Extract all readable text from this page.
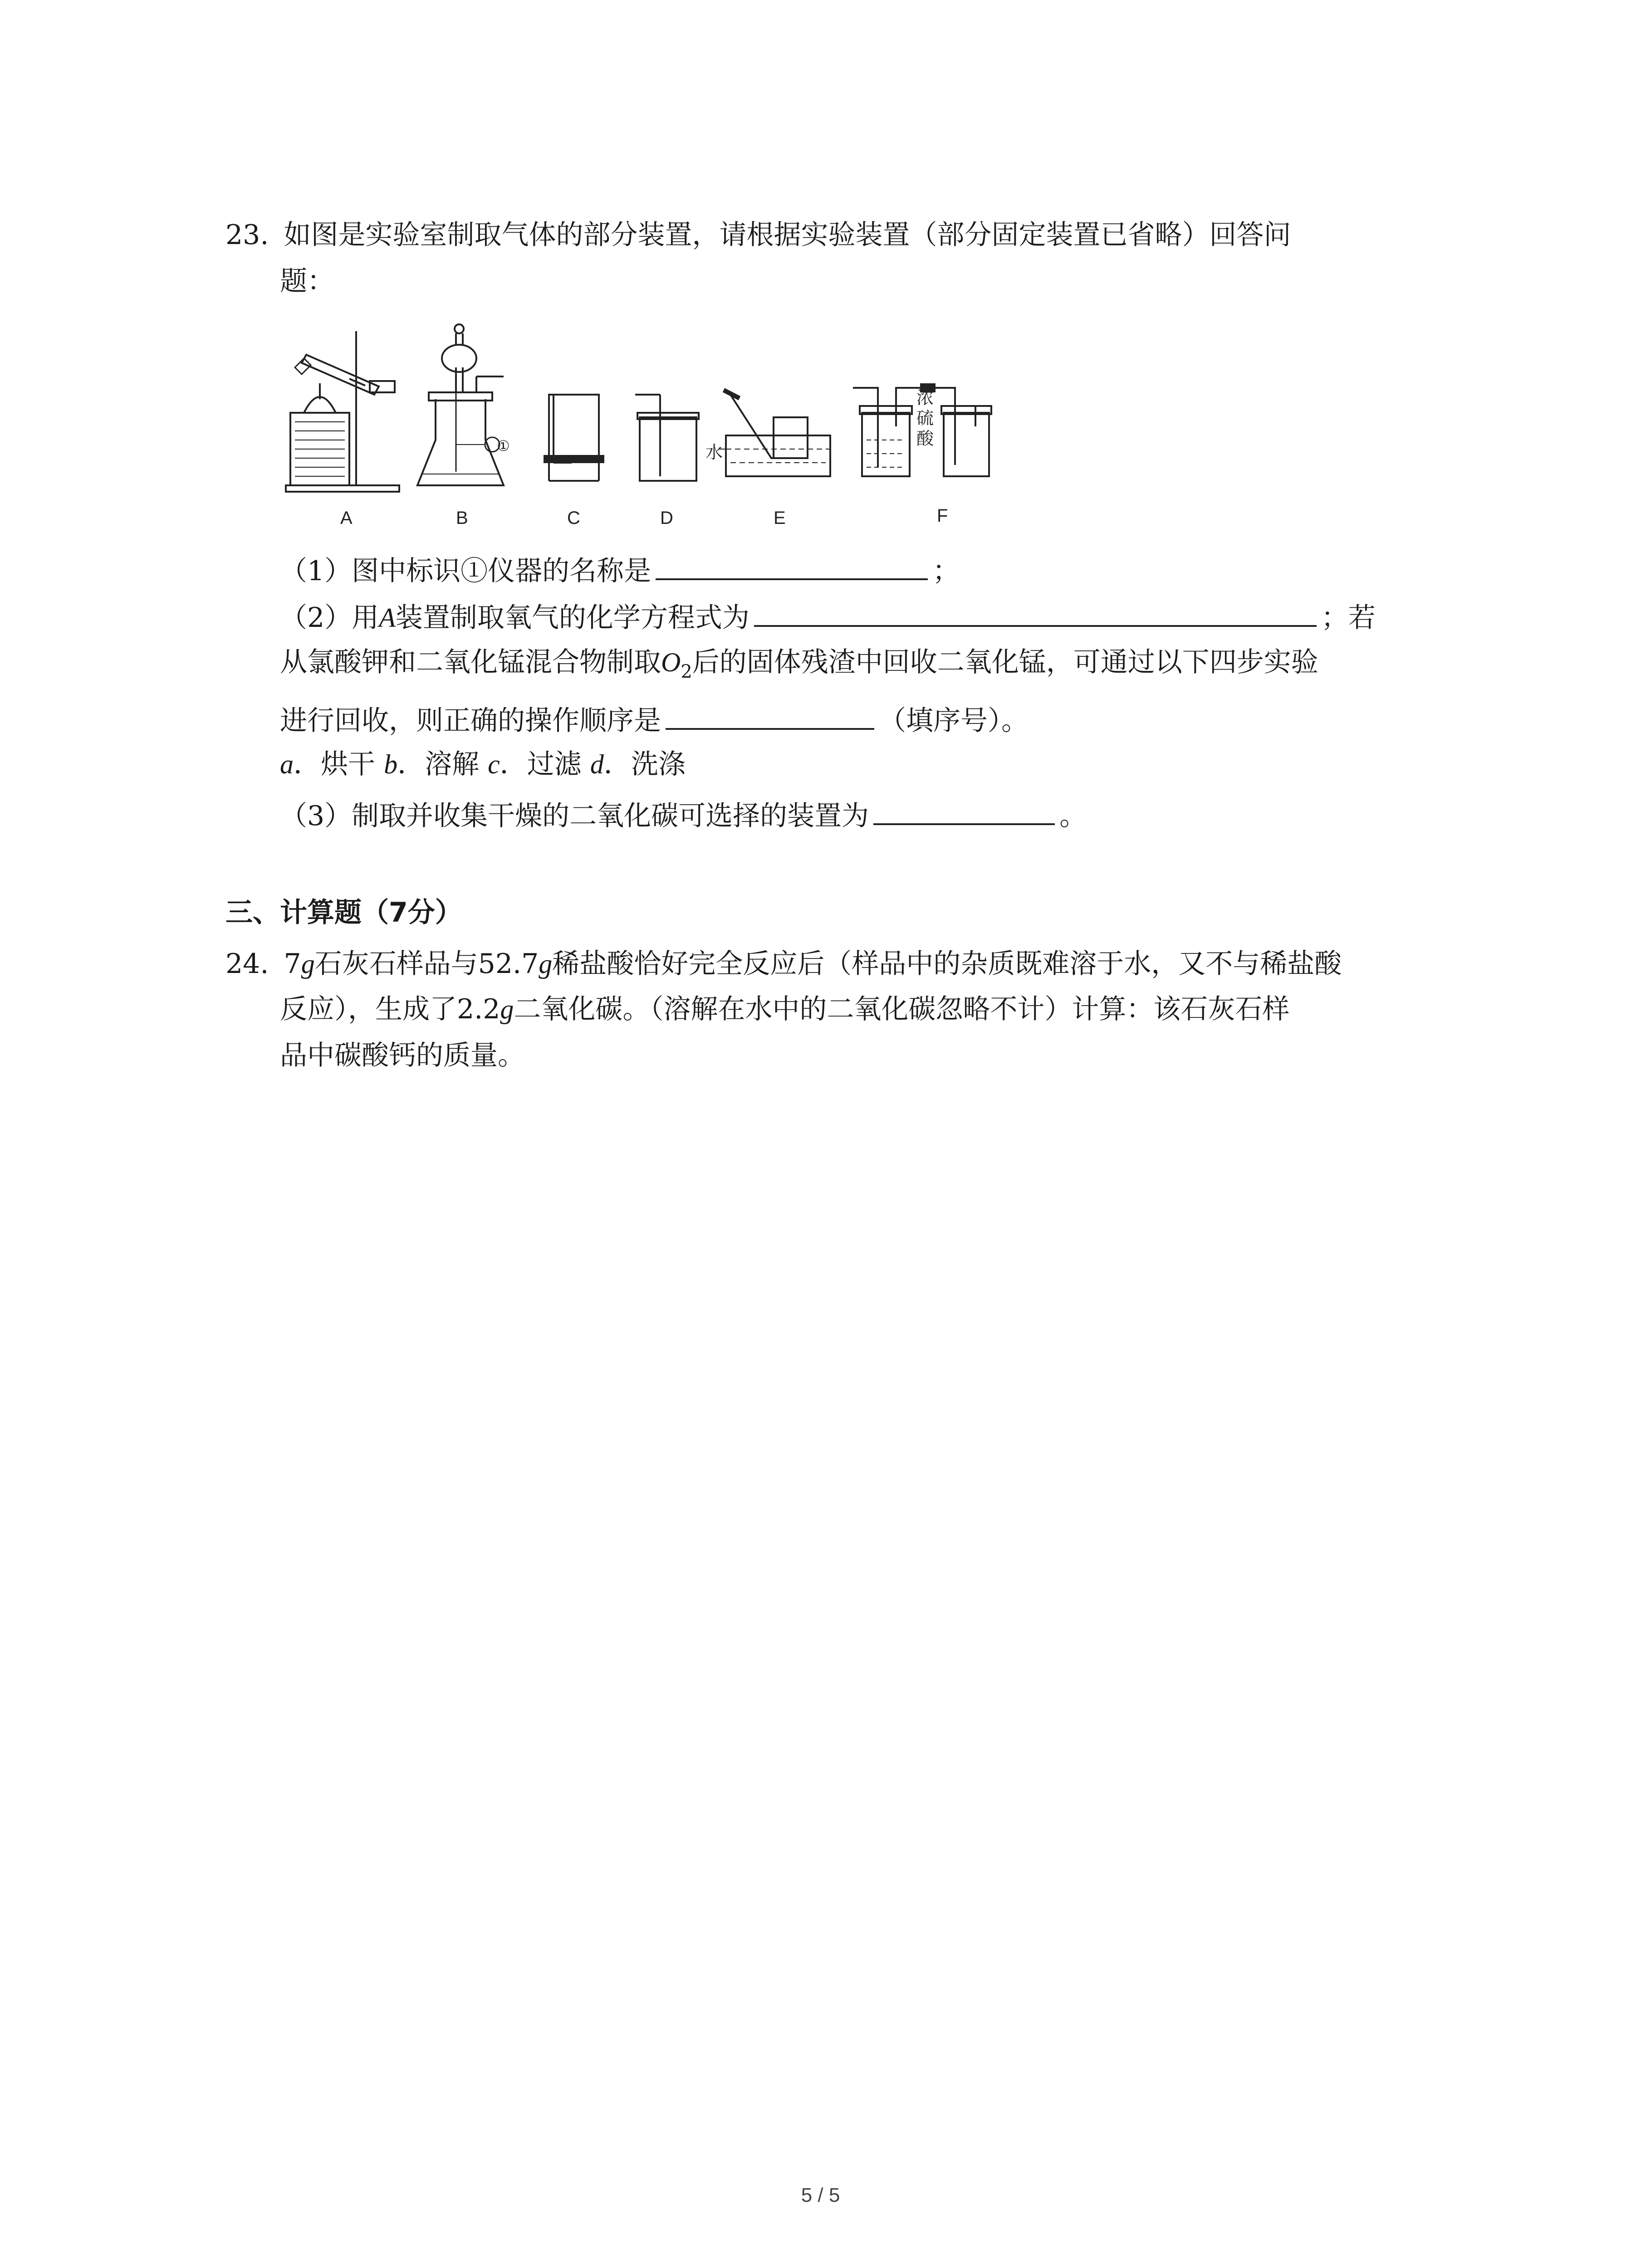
23. 如图是实验室制取气体的部分装置，请根据实验装置（部分固定装置已省略）回答问
题：
A	B	C	D	E	F
①	水
浓
硫
酸
（1）图中标识①仪器的名称是	；
（2）用A装置制取氧气的化学方程式为	；若
从氯酸钾和二氧化锰混合物制取$O_2$后的固体残渣中回收二氧化锰，可通过以下四步实验
进行回收，则正确的操作顺序是	（填序号）。
a．烘干 b．溶解 c．过滤 d．洗涤
（3）制取并收集干燥的二氧化碳可选择的装置为	。
三、计算题（7分）
24. 7g石灰石样品与52.7g稀盐酸恰好完全反应后（样品中的杂质既难溶于水，又不与稀盐酸
反应），生成了2.2g二氧化碳。（溶解在水中的二氧化碳忽略不计）计算：该石灰石样
品中碳酸钙的质量。
5 / 5
